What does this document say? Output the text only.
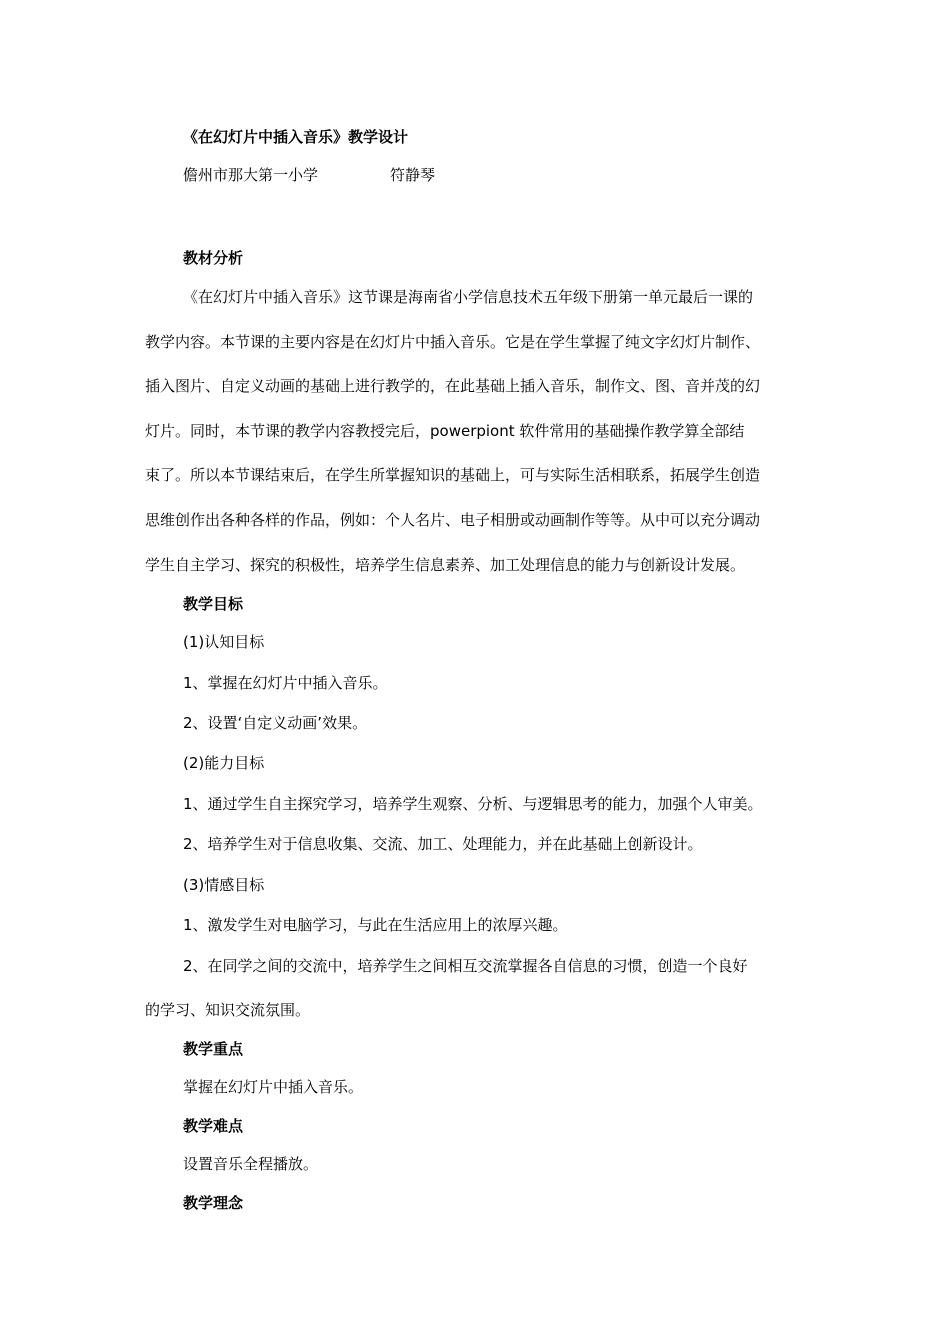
《在幻灯片中插入音乐》教学设计
儋州市那大第一小学	符静琴
教材分析
《在幻灯片中插入音乐》这节课是海南省小学信息技术五年级下册第一单元最后一课的
教学内容。本节课的主要内容是在幻灯片中插入音乐。它是在学生掌握了纯文字幻灯片制作、
插入图片、自定义动画的基础上进行教学的，在此基础上插入音乐，制作文、图、音并茂的幻
灯片。同时，本节课的教学内容教授完后，powerpiont 软件常用的基础操作教学算全部结
束了。所以本节课结束后，在学生所掌握知识的基础上，可与实际生活相联系，拓展学生创造
思维创作出各种各样的作品，例如：个人名片、电子相册或动画制作等等。从中可以充分调动
学生自主学习、探究的积极性，培养学生信息素养、加工处理信息的能力与创新设计发展。
教学目标
(1)认知目标
1、掌握在幻灯片中插入音乐。
2、设置‘自定义动画’效果。
(2)能力目标
1、通过学生自主探究学习，培养学生观察、分析、与逻辑思考的能力，加强个人审美。
2、培养学生对于信息收集、交流、加工、处理能力，并在此基础上创新设计。
(3)情感目标
1、激发学生对电脑学习，与此在生活应用上的浓厚兴趣。
2、在同学之间的交流中，培养学生之间相互交流掌握各自信息的习惯，创造一个良好
的学习、知识交流氛围。
教学重点
掌握在幻灯片中插入音乐。
教学难点
设置音乐全程播放。
教学理念
